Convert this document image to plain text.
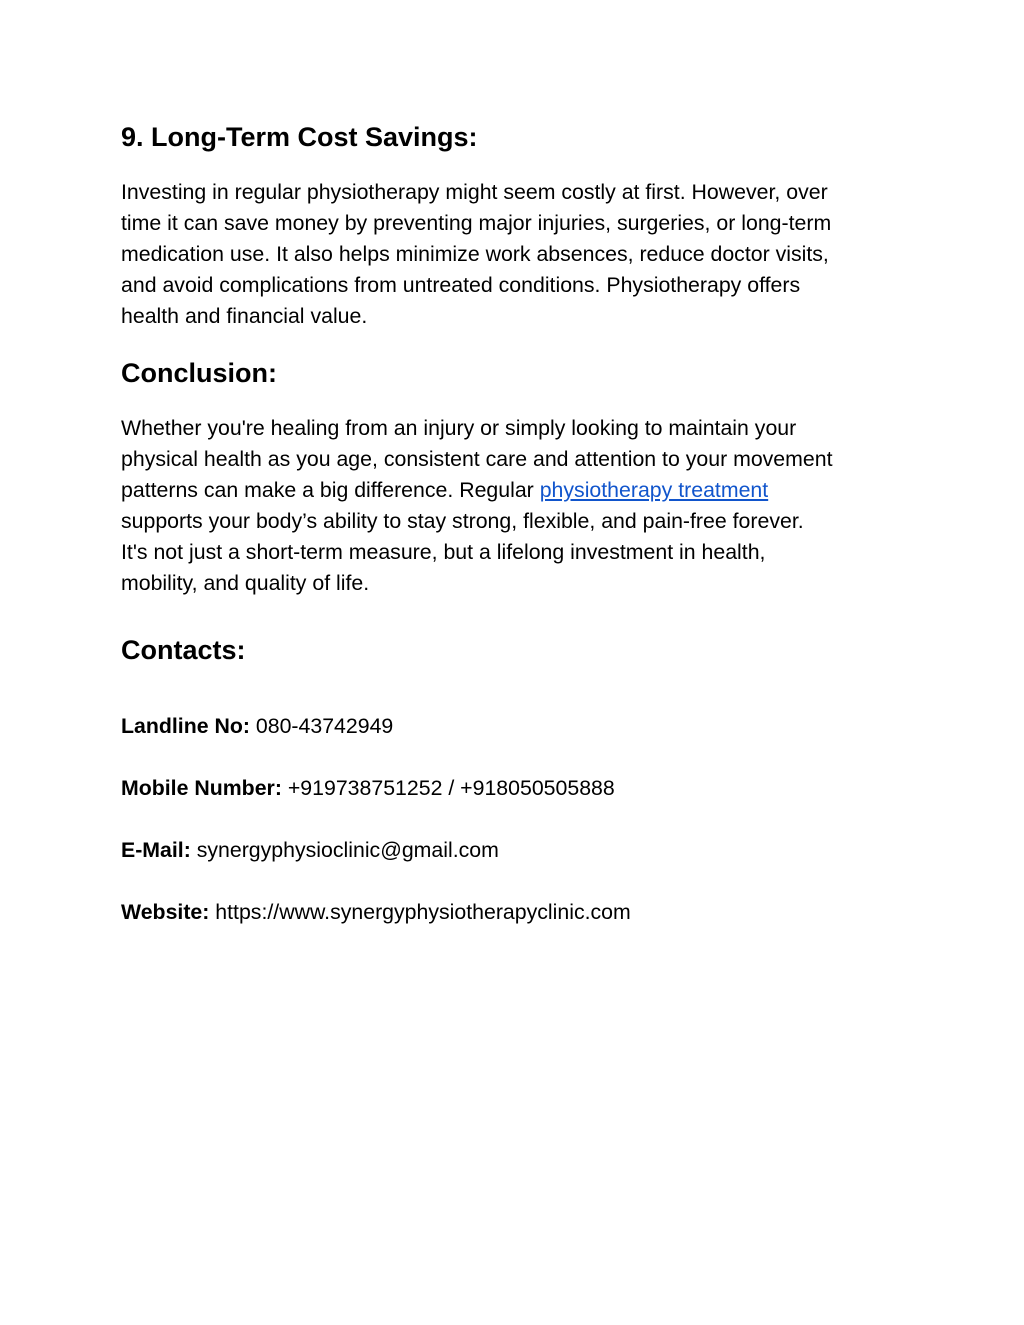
9. Long-Term Cost Savings:

Investing in regular physiotherapy might seem costly at first. However, over
time it can save money by preventing major injuries, surgeries, or long-term
medication use. It also helps minimize work absences, reduce doctor visits,
and avoid complications from untreated conditions. Physiotherapy offers
health and financial value.

Conclusion:

Whether you're healing from an injury or simply looking to maintain your
physical health as you age, consistent care and attention to your movement
patterns can make a big difference. Regular physiotherapy treatment
supports your body’s ability to stay strong, flexible, and pain-free forever.
It's not just a short-term measure, but a lifelong investment in health,
mobility, and quality of life.

Contacts:
Landline No: 080-43742949
Mobile Number: +919738751252 / +918050505888
E-Mail: synergyphysioclinic@gmail.com
Website: https://www.synergyphysiotherapyclinic.com
